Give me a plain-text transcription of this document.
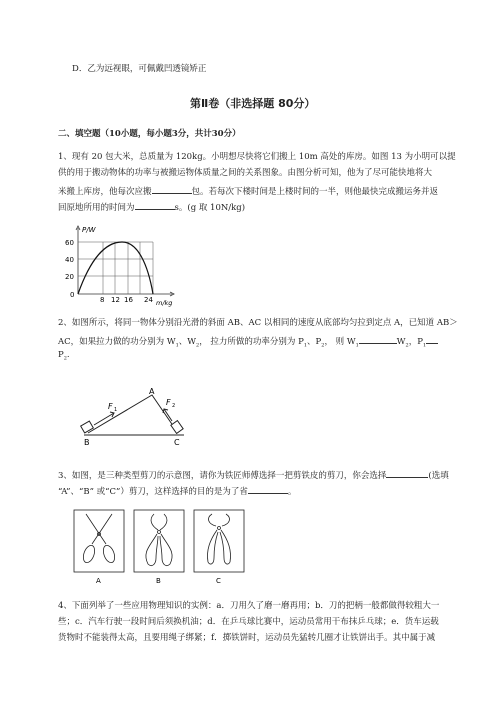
D．乙为远视眼，可佩戴凹透镜矫正
第Ⅱ卷（非选择题 80分）
二、填空题（10小题，每小题3分，共计30分）
1、现有 20 包大米，总质量为 120kg。小明想尽快将它们搬上 10m 高处的库房。如图 13 为小明可以提
供的用于搬动物体的功率与被搬运物体质量之间的关系图象。由图分析可知，他为了尽可能快地将大
米搬上库房，他每次应搬	包。若每次下楼时间是上楼时间的一半，则他最快完成搬运务并返
回原地所用的时间为	s。(g 取 10N/kg)
P/W
m/kg
60
40
20
0
8 12 16 24
2、如图所示，将同一物体分别沿光滑的斜面 AB、AC 以相同的速度从底部均匀拉到定点 A，已知道 AB＞
AC，如果拉力做的功分别为 $W_1$、$W_2$， 拉力所做的功率分别为 $P_1$、$P_2$， 则 $W_1$	$W_2$，$P_1$
$P_2$.
A
B	C
F 1
F 2
3、如图，是三种类型剪刀的示意图，请你为铁匠师傅选择一把剪铁皮的剪刀，你会选择	(选填
“A”、“B” 或“C”）剪刀，这样选择的目的是为了省	。
A	B	C
4、下面列举了一些应用物理知识的实例：a．刀用久了磨一磨再用；b．刀的把柄一般都做得较粗大一
些；c．汽车行驶一段时间后须换机油；d．在乒乓球比赛中，运动员常用干布抹乒乓球；e．货车运载
货物时不能装得太高，且要用绳子绑紧；f．掷铁饼时，运动员先猛转几圈才让铁饼出手。其中属于减
